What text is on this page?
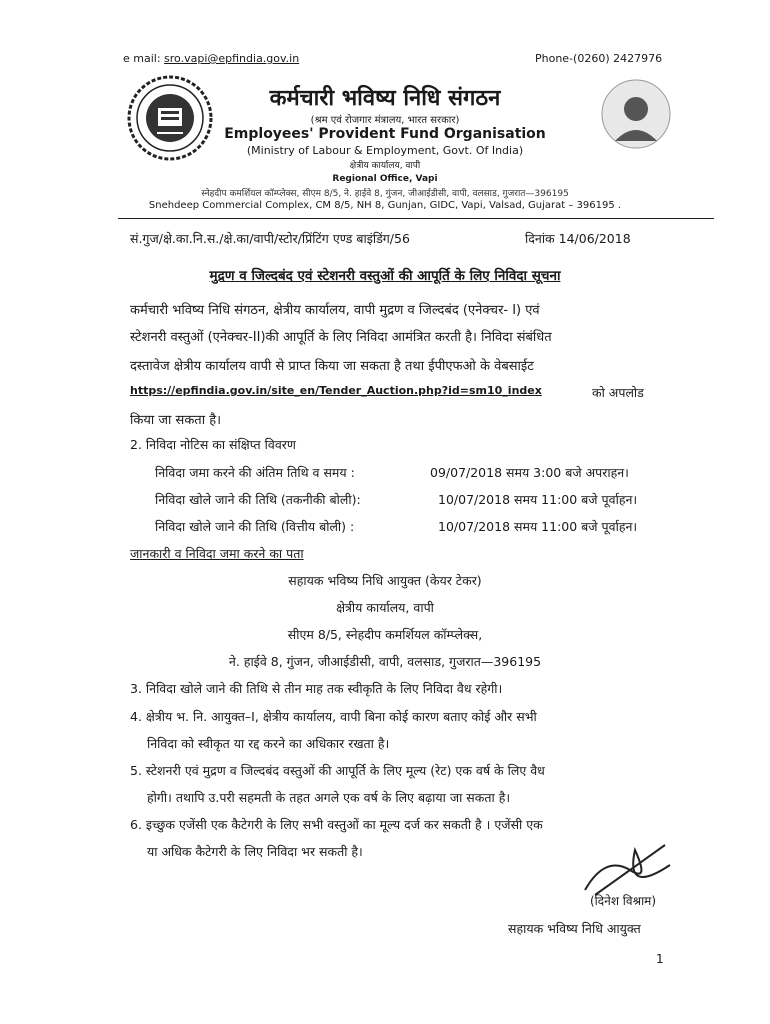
e mail: sro.vapi@epfindia.gov.in	Phone-(0260) 2427976
कर्मचारी भविष्य निधि संगठन
(श्रम एवं रोजगार मंत्रालय, भारत सरकार)
Employees' Provident Fund Organisation
(Ministry of Labour & Employment, Govt. Of India)
क्षेत्रीय कार्यालय, वापी
Regional Office, Vapi
स्नेहदीप कमर्शियल कॉम्प्लेक्स, सीएम 8/5, ने. हाईवे 8, गुंजन, जीआईडीसी, वापी, वलसाड, गुजरात—396195
Snehdeep Commercial Complex, CM 8/5, NH 8, Gunjan, GIDC, Vapi, Valsad, Gujarat – 396195 .
सं.गुज/क्षे.का.नि.स./क्षे.का/वापी/स्टोर/प्रिंटिंग एण्ड बाइंडिंग/56	दिनांक 14/06/2018
मुद्रण व जिल्दबंद एवं स्टेशनरी वस्तुओं की आपूर्ति के लिए निविदा सूचना
कर्मचारी भविष्य निधि संगठन, क्षेत्रीय कार्यालय, वापी मुद्रण व जिल्दबंद (एनेक्चर- I) एवं
स्टेशनरी वस्तुओं (एनेक्चर-II)की आपूर्ति के लिए निविदा आमंत्रित करती है। निविदा संबंधित
दस्तावेज क्षेत्रीय कार्यालय वापी से प्राप्त किया जा सकता है तथा ईपीएफओ के वेबसाईट
https://epfindia.gov.in/site_en/Tender_Auction.php?id=sm10_index	को अपलोड
किया जा सकता है।
2. निविदा नोटिस का संक्षिप्त विवरण
निविदा जमा करने की अंतिम तिथि व समय :	09/07/2018 समय 3:00 बजे अपराहन।
निविदा खोले जाने की तिथि (तकनीकी बोली):	10/07/2018 समय 11:00 बजे पूर्वाहन।
निविदा खोले जाने की तिथि (वित्तीय बोली) :	10/07/2018 समय 11:00 बजे पूर्वाहन।
जानकारी व निविदा जमा करने का पता
सहायक भविष्य निधि आयुक्त (केयर टेकर)
क्षेत्रीय कार्यालय, वापी
सीएम 8/5, स्नेहदीप कमर्शियल कॉम्प्लेक्स,
ने. हाईवे 8, गुंजन, जीआईडीसी, वापी, वलसाड, गुजरात—396195
3. निविदा खोले जाने की तिथि से तीन माह तक स्वीकृति के लिए निविदा वैध रहेगी।
4. क्षेत्रीय भ. नि. आयुक्त–I, क्षेत्रीय कार्यालय, वापी बिना कोई कारण बताए कोई और सभी
निविदा को स्वीकृत या रद्द करने का अधिकार रखता है।
5. स्टेशनरी एवं मुद्रण व जिल्दबंद वस्तुओं की आपूर्ति के लिए मूल्य (रेट) एक वर्ष के लिए वैध
होगी। तथापि उ.परी सहमती के तहत अगले एक वर्ष के लिए बढ़ाया जा सकता है।
6. इच्छुक एजेंसी एक कैटेगरी के लिए सभी वस्तुओं का मूल्य दर्ज कर सकती है । एजेंसी एक
या अधिक कैटेगरी के लिए निविदा भर सकती है।
(दिनेश विश्राम)
सहायक भविष्य निधि आयुक्त
1
